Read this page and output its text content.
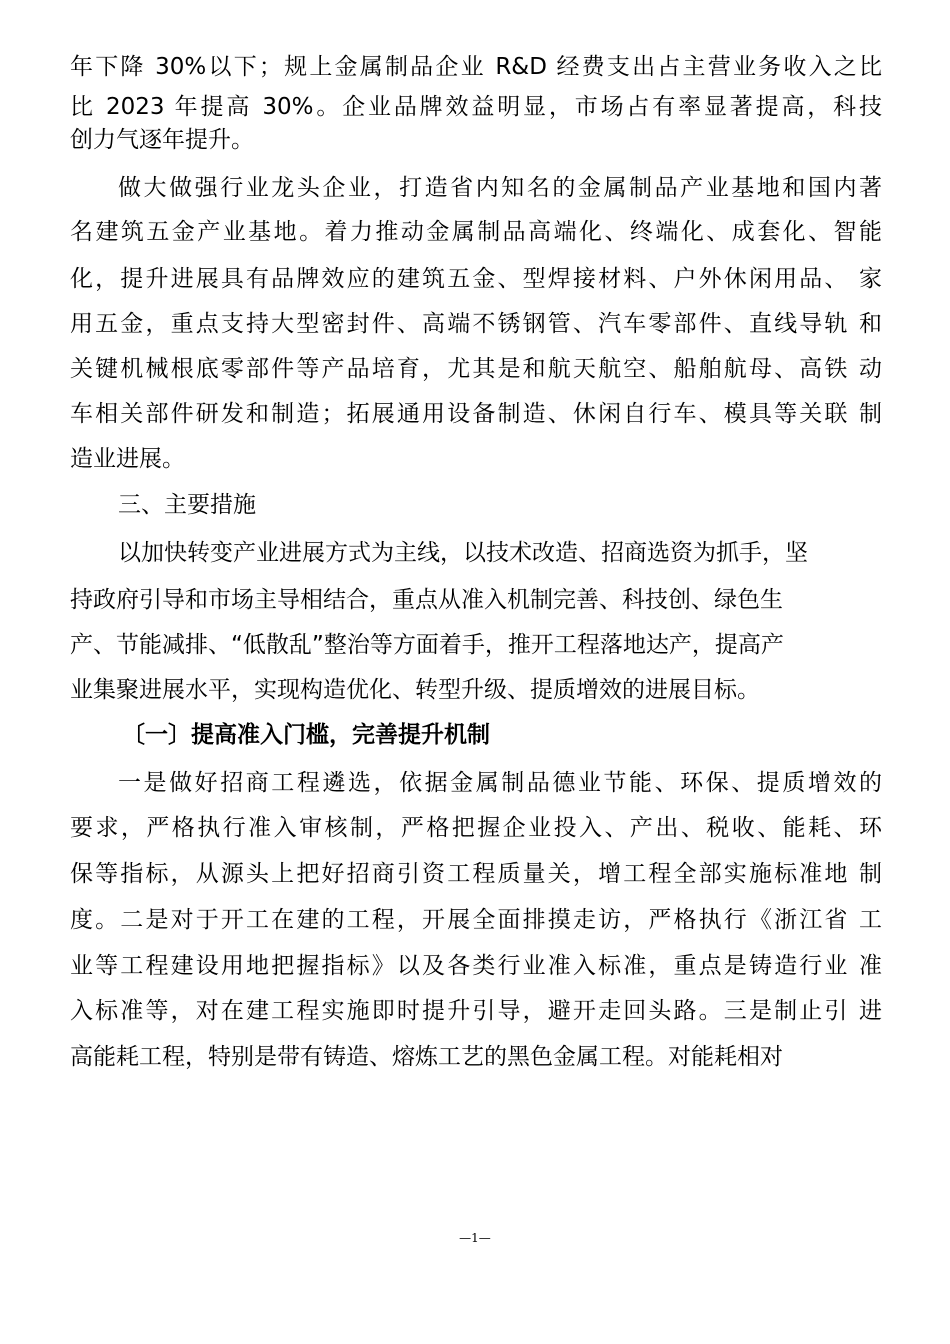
年下降 30%以下；规上金属制品企业 R&D 经费支出占主营业务收入之比
比 2023 年提高 30%。企业品牌效益明显，市场占有率显著提高，科技
创力气逐年提升。
做大做强行业龙头企业，打造省内知名的金属制品产业基地和国内著
名建筑五金产业基地。着力推动金属制品高端化、终端化、成套化、智能
化，提升进展具有品牌效应的建筑五金、型焊接材料、户外休闲用品、 家
用五金，重点支持大型密封件、高端不锈钢管、汽车零部件、直线导轨 和
关键机械根底零部件等产品培育，尤其是和航天航空、船舶航母、高铁 动
车相关部件研发和制造；拓展通用设备制造、休闲自行车、模具等关联 制
造业进展。
三、主要措施
以加快转变产业进展方式为主线，以技术改造、招商选资为抓手，坚
持政府引导和市场主导相结合，重点从准入机制完善、科技创、绿色生
产、节能减排、“低散乱”整治等方面着手，推开工程落地达产，提高产
业集聚进展水平，实现构造优化、转型升级、提质增效的进展目标。
〔一〕提高准入门槛，完善提升机制
一是做好招商工程遴选，依据金属制品德业节能、环保、提质增效的
要求，严格执行准入审核制，严格把握企业投入、产出、税收、能耗、环
保等指标，从源头上把好招商引资工程质量关，增工程全部实施标准地 制
度。二是对于开工在建的工程，开展全面排摸走访，严格执行《浙江省 工
业等工程建设用地把握指标》以及各类行业准入标准，重点是铸造行业 准
入标准等，对在建工程实施即时提升引导，避开走回头路。三是制止引 进
高能耗工程，特别是带有铸造、熔炼工艺的黑色金属工程。对能耗相对
—1—
